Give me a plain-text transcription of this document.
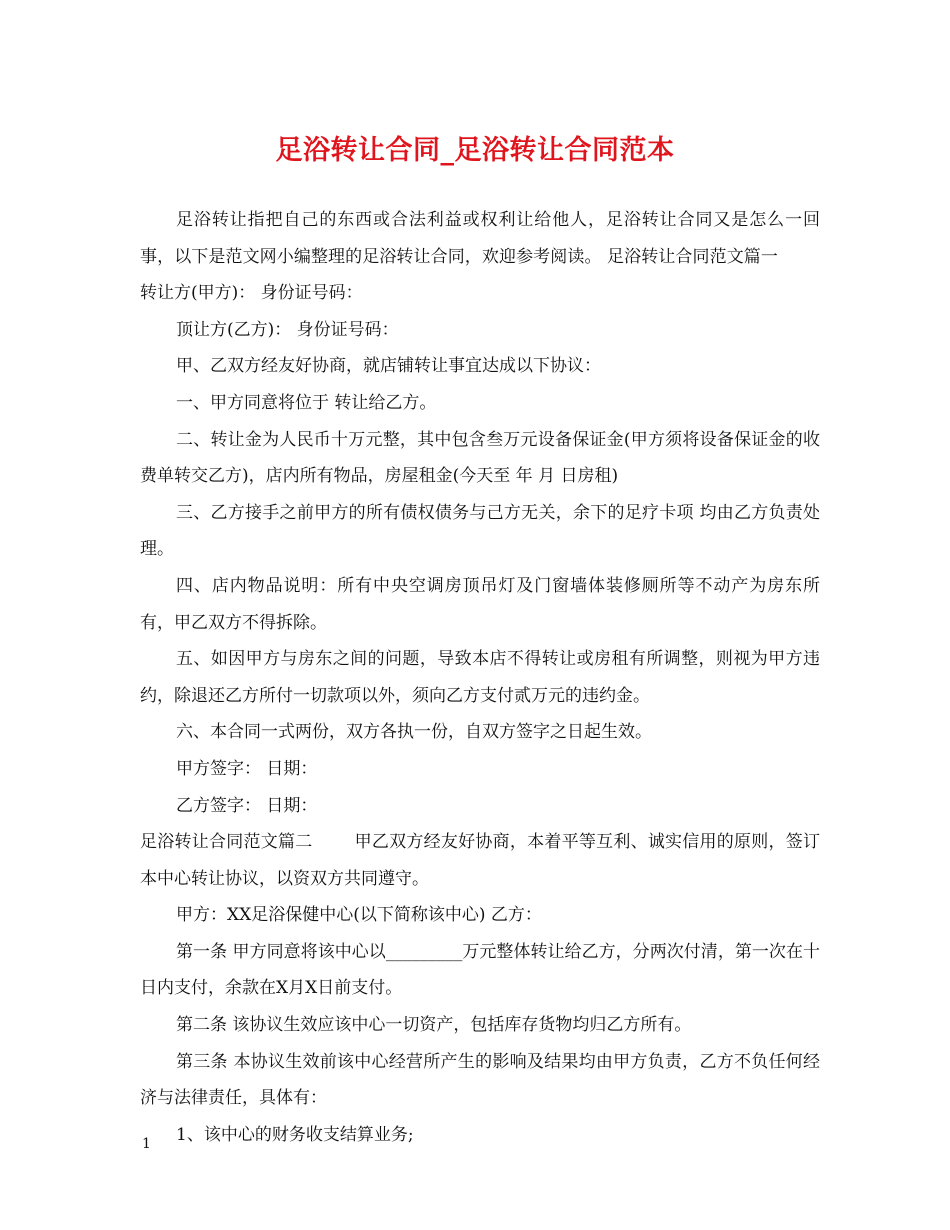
足浴转让合同_足浴转让合同范本

足浴转让指把自己的东西或合法利益或权利让给他人，足浴转让合同又是怎么一回事，以下是范文网小编整理的足浴转让合同，欢迎参考阅读。 足浴转让合同范文篇一转让方(甲方)： 身份证号码：

顶让方(乙方)： 身份证号码：

甲、乙双方经友好协商，就店铺转让事宜达成以下协议：

一、甲方同意将位于 转让给乙方。

二、转让金为人民币十万元整，其中包含叁万元设备保证金(甲方须将设备保证金的收费单转交乙方)，店内所有物品，房屋租金(今天至 年 月 日房租)

三、乙方接手之前甲方的所有债权债务与己方无关，余下的足疗卡项 均由乙方负责处理。

四、店内物品说明：所有中央空调房顶吊灯及门窗墙体装修厕所等不动产为房东所有，甲乙双方不得拆除。

五、如因甲方与房东之间的问题，导致本店不得转让或房租有所调整，则视为甲方违约，除退还乙方所付一切款项以外，须向乙方支付贰万元的违约金。

六、本合同一式两份，双方各执一份，自双方签字之日起生效。

甲方签字： 日期：

乙方签字： 日期：

足浴转让合同范文篇二 甲乙双方经友好协商，本着平等互利、诚实信用的原则，签订本中心转让协议，以资双方共同遵守。

甲方：XX足浴保健中心(以下简称该中心) 乙方：

第一条 甲方同意将该中心以_________万元整体转让给乙方，分两次付清，第一次在十日内支付，余款在X月X日前支付。

第二条 该协议生效应该中心一切资产，包括库存货物均归乙方所有。

第三条 本协议生效前该中心经营所产生的影响及结果均由甲方负责，乙方不负任何经济与法律责任，具体有：

1、该中心的财务收支结算业务;

1
